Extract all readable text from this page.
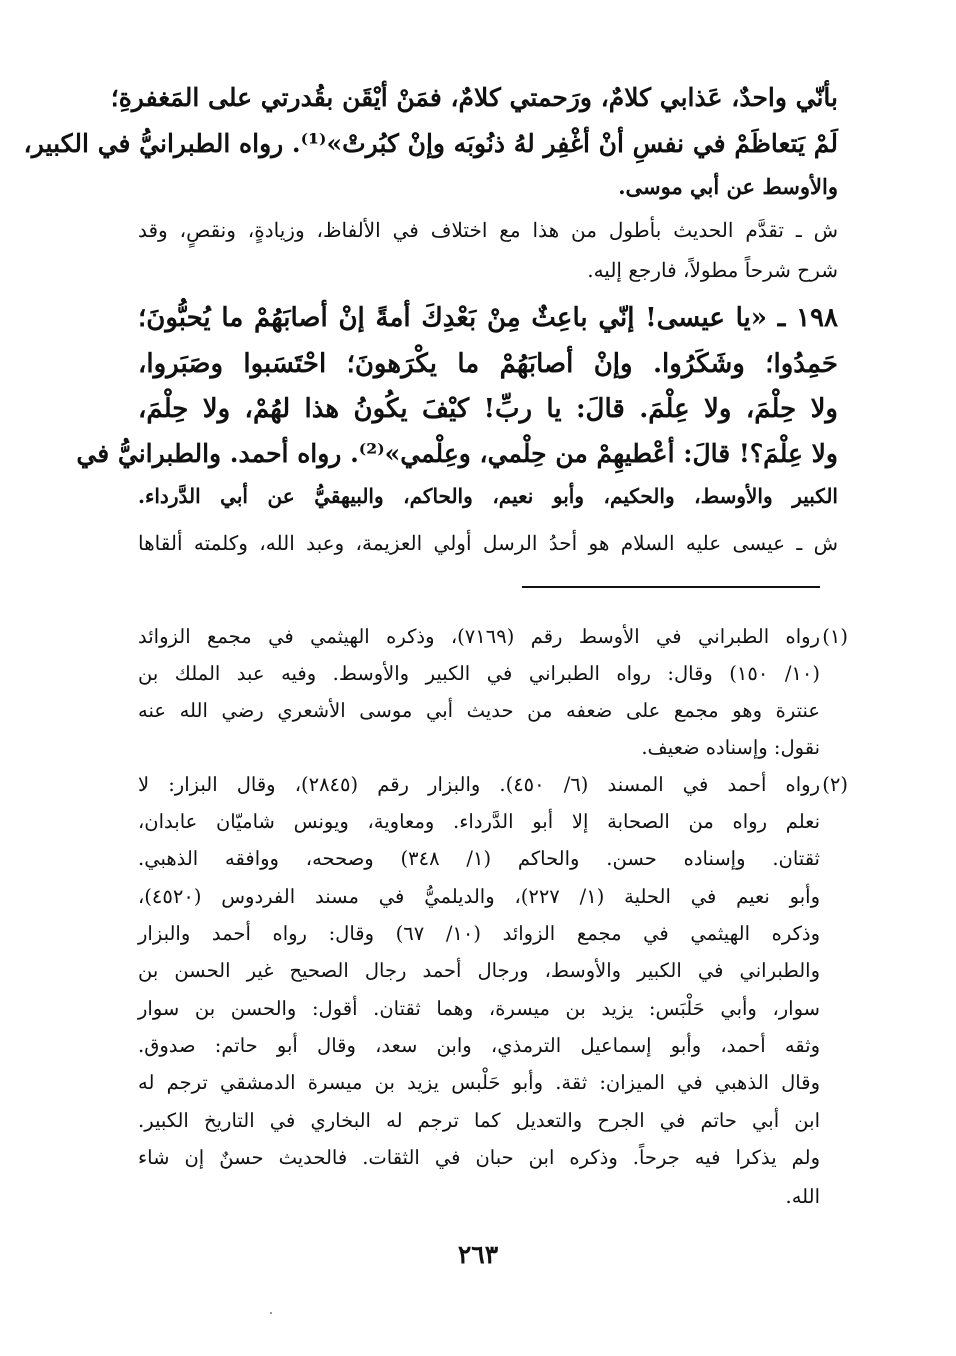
بأنّي واحدٌ، عَذابي كلامٌ، ورَحمتي كلامٌ، فمَنْ أيْقَن بقُدرتي على المَغفرةِ؛
لَمْ يَتعاظَمْ في نفسِ أنْ أغْفِر لهُ ذنُوبَه وإنْ كبُرتْ»⁽¹⁾. رواه الطبرانيُّ في الكبير،
والأوسط عن أبي موسى.
ش ـ تقدَّم الحديث بأطول من هذا مع اختلاف في الألفاظ، وزيادةٍ، ونقصٍ، وقد
شرح شرحاً مطولاً، فارجع إليه.
١٩٨ ـ «يا عيسى! إنّي باعِثٌ مِنْ بَعْدِكَ أمةً إنْ أصابَهُمْ ما يُحبُّونَ؛
حَمِدُوا؛ وشَكَرُوا. وإنْ أصابَهُمْ ما يكْرَهونَ؛ احْتَسَبوا وصَبَروا،
ولا حِلْمَ، ولا عِلْمَ. قالَ: يا ربِّ! كيْفَ يكُونُ هذا لهُمْ، ولا حِلْمَ،
ولا عِلْمَ؟! قالَ: أعْطيهِمْ من حِلْمي، وعِلْمي»⁽²⁾. رواه أحمد. والطبرانيُّ في
الكبير والأوسط، والحكيم، وأبو نعيم، والحاكم، والبيهقيُّ عن أبي الدَّرداء.
ش ـ عيسى عليه السلام هو أحدُ الرسل أولي العزيمة، وعبد الله، وكلمته ألقاها
(١)
رواه الطبراني في الأوسط رقم (٧١٦٩)، وذكره الهيثمي في مجمع الزوائد
(١٠/ ١٥٠) وقال: رواه الطبراني في الكبير والأوسط. وفيه عبد الملك بن
عنترة وهو مجمع على ضعفه من حديث أبي موسى الأشعري رضي الله عنه
نقول: وإسناده ضعيف.
(٢)
رواه أحمد في المسند (٦/ ٤٥٠). والبزار رقم (٢٨٤٥)، وقال البزار: لا
نعلم رواه من الصحابة إلا أبو الدَّرداء. ومعاوية، ويونس شاميّان عابدان،
ثقتان. وإسناده حسن. والحاكم (١/ ٣٤٨) وصححه، ووافقه الذهبي.
وأبو نعيم في الحلية (١/ ٢٢٧)، والديلميُّ في مسند الفردوس (٤٥٢٠)،
وذكره الهيثمي في مجمع الزوائد (١٠/ ٦٧) وقال: رواه أحمد والبزار
والطبراني في الكبير والأوسط، ورجال أحمد رجال الصحيح غير الحسن بن
سوار، وأبي حَلْبَس: يزيد بن ميسرة، وهما ثقتان. أقول: والحسن بن سوار
وثقه أحمد، وأبو إسماعيل الترمذي، وابن سعد، وقال أبو حاتم: صدوق.
وقال الذهبي في الميزان: ثقة. وأبو حَلْبس يزيد بن ميسرة الدمشقي ترجم له
ابن أبي حاتم في الجرح والتعديل كما ترجم له البخاري في التاريخ الكبير.
ولم يذكرا فيه جرحاً. وذكره ابن حبان في الثقات. فالحديث حسنٌ إن شاء
الله.
٢٦٣
